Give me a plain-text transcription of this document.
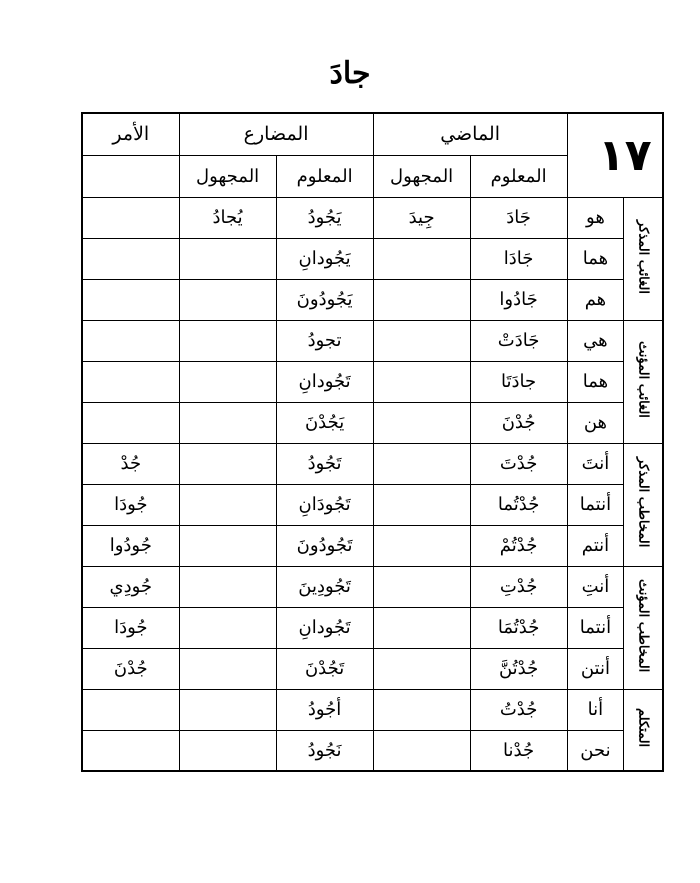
جادَ
١٧		الماضي		المضارع		الأمر
		المعلوم	المجهول	المعلوم	المجهول	
الغائب المذكر	هو	جَادَ	جِيدَ	يَجُودُ	يُجادُ	
	هما	جَادَا		يَجُودانِ		
	هم	جَادُوا		يَجُودُونَ		
الغائب المؤنث	هي	جَادَتْ		تجودُ		
	هما	جادَتَا		تَجُودانِ		
	هن	جُدْنَ		يَجُدْنَ		
المخاطب المذكر	أنتَ	جُدْتَ		تَجُودُ		جُدْ
	أنتما	جُدْتُما		تَجُودَانِ		جُودَا
	أنتم	جُدْتُمْ		تَجُودُونَ		جُودُوا
المخاطب المؤنث	أنتِ	جُدْتِ		تَجُودِينَ		جُودِي
	أنتما	جُدْتُمَا		تَجُودانِ		جُودَا
	أنتن	جُدْتُنَّ		تَجُدْنَ		جُدْنَ
المتكلم	أنا	جُدْتُ		أجُودُ		
	نحن	جُدْنا		نَجُودُ		
